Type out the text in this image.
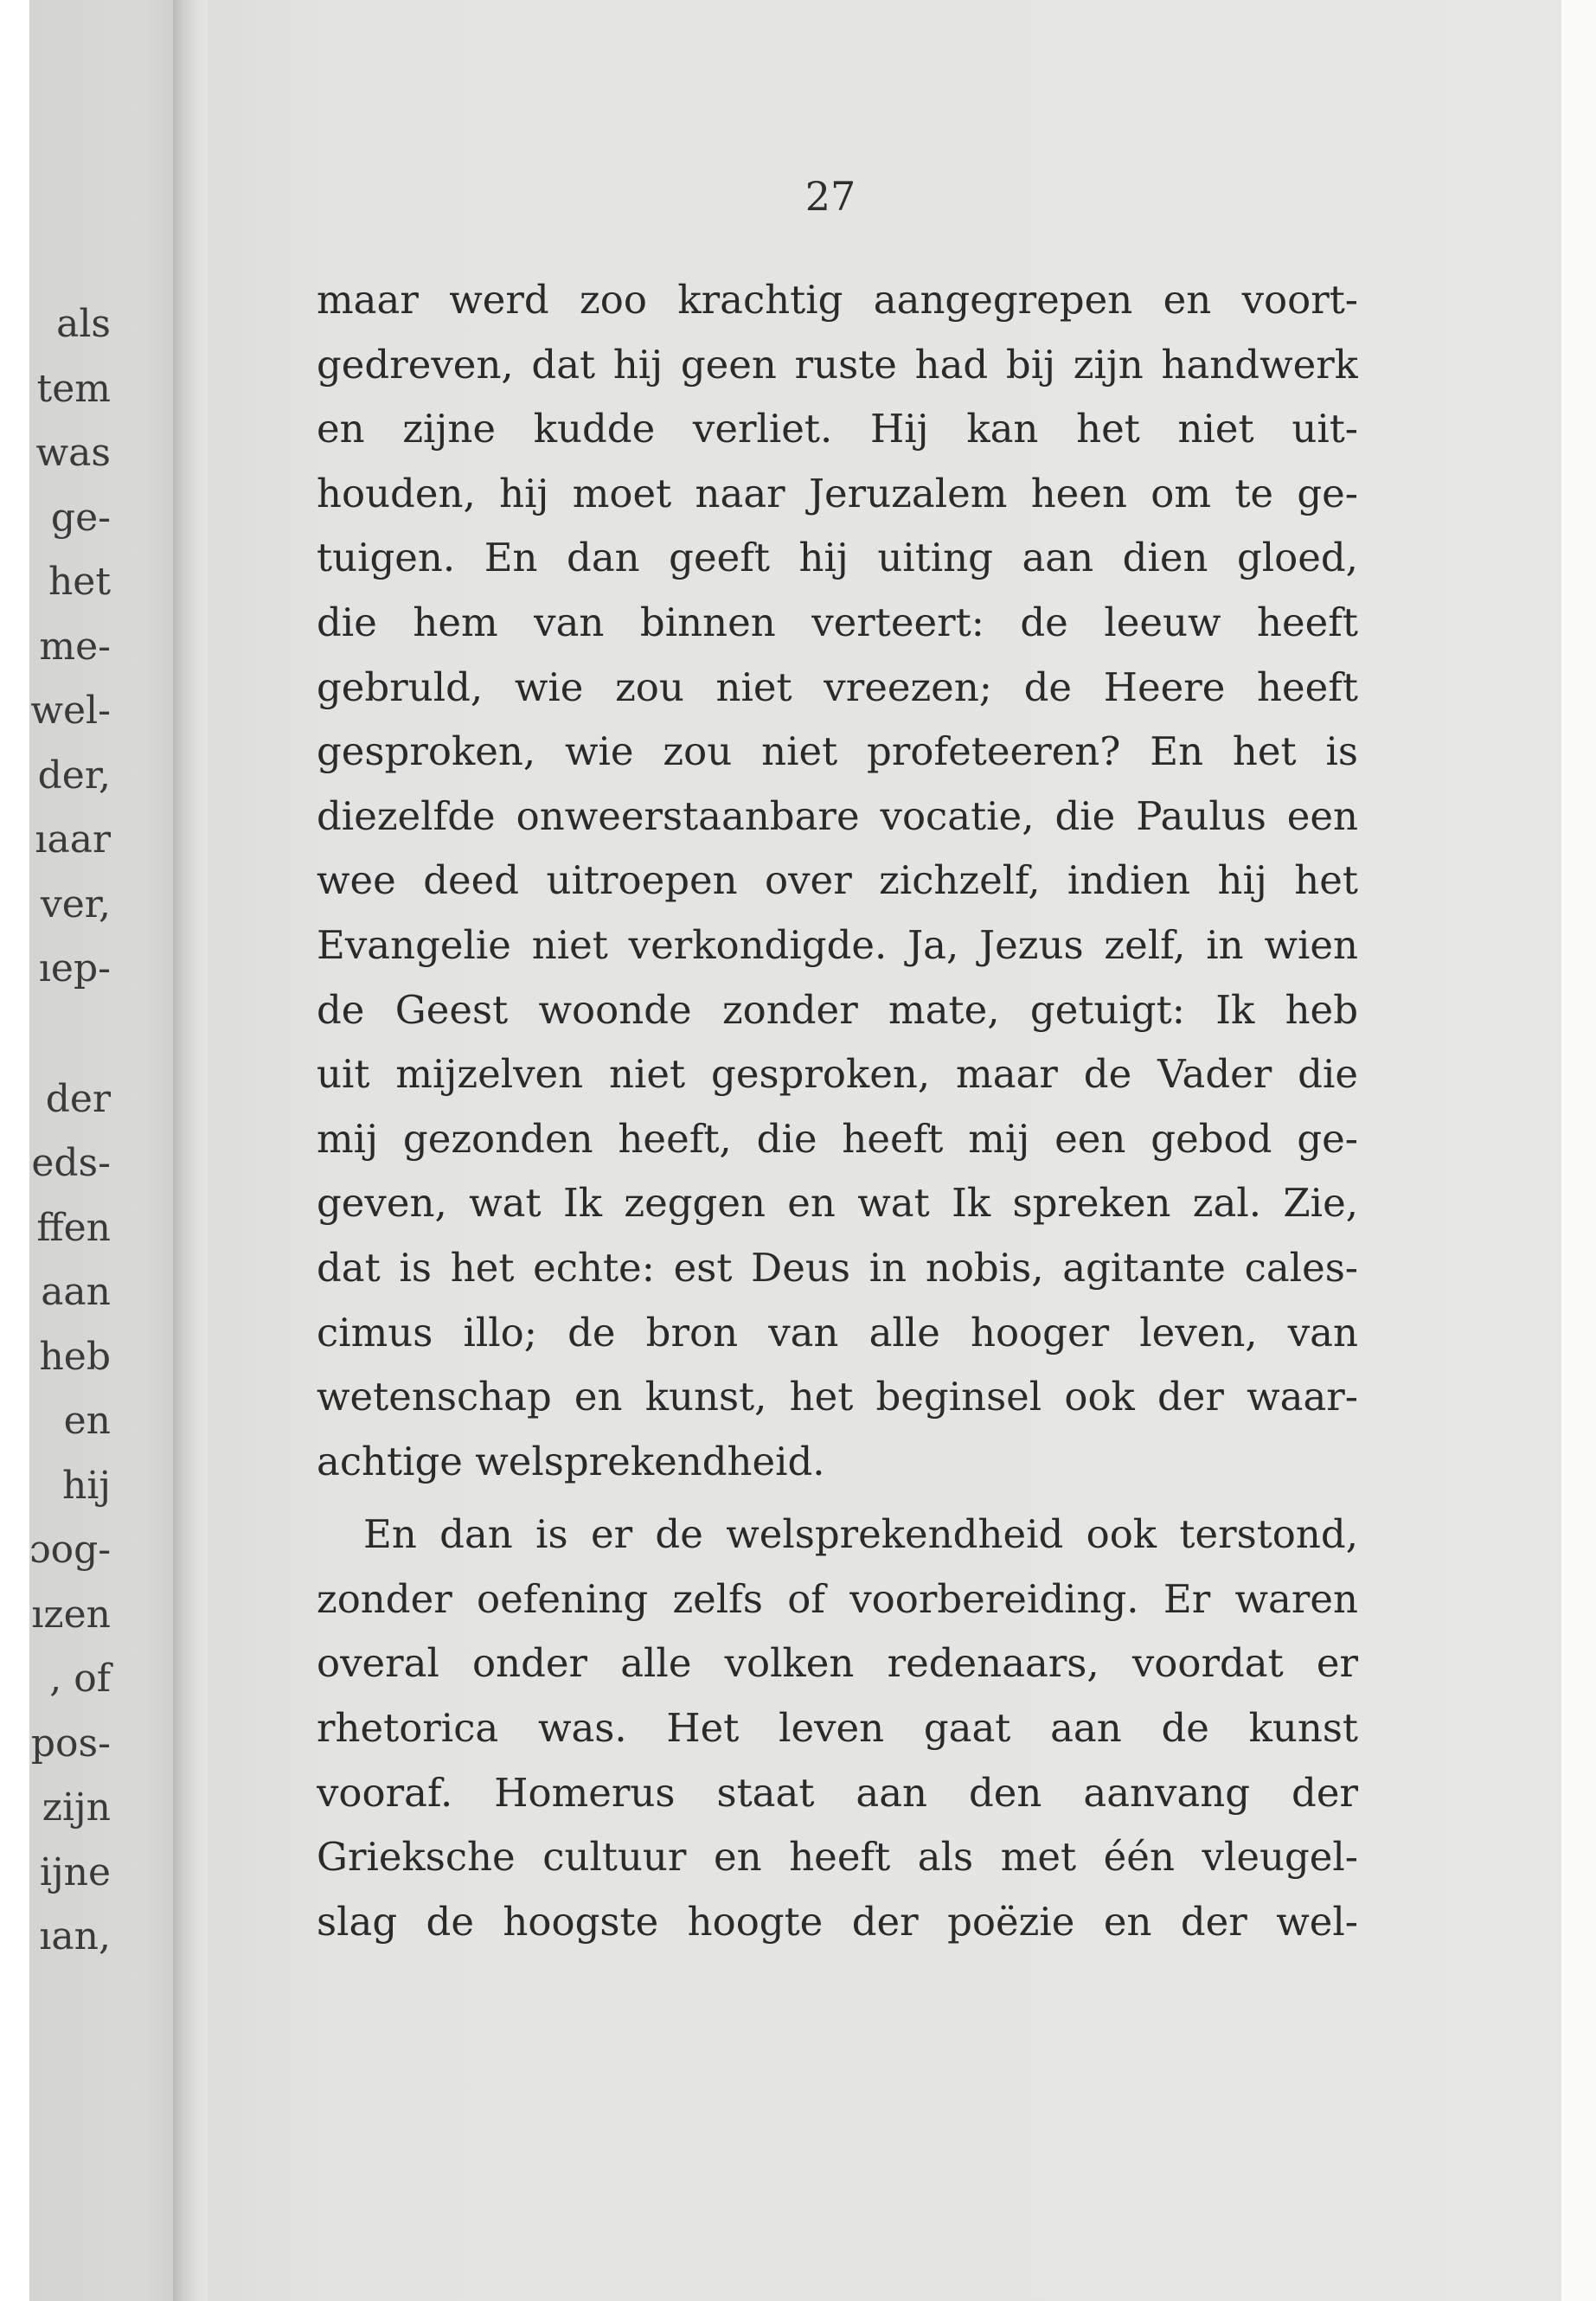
als
tem
was
ge-
het
me-
wel-
der,
ıaar
ver,
ıep-
der
eds-
ffen
aan
heb
en
hij
ɔog-
ızen
, of
pos-
zijn
ijne
ıan,
27
maar werd zoo krachtig aangegrepen en voort-
gedreven, dat hij geen ruste had bij zijn handwerk
en zijne kudde verliet. Hij kan het niet uit-
houden, hij moet naar Jeruzalem heen om te ge-
tuigen. En dan geeft hij uiting aan dien gloed,
die hem van binnen verteert: de leeuw heeft
gebruld, wie zou niet vreezen; de Heere heeft
gesproken, wie zou niet profeteeren? En het is
diezelfde onweerstaanbare vocatie, die Paulus een
wee deed uitroepen over zichzelf, indien hij het
Evangelie niet verkondigde. Ja, Jezus zelf, in wien
de Geest woonde zonder mate, getuigt: Ik heb
uit mijzelven niet gesproken, maar de Vader die
mij gezonden heeft, die heeft mij een gebod ge-
geven, wat Ik zeggen en wat Ik spreken zal. Zie,
dat is het echte: est Deus in nobis, agitante cales-
cimus illo; de bron van alle hooger leven, van
wetenschap en kunst, het beginsel ook der waar-
achtige welsprekendheid.
En dan is er de welsprekendheid ook terstond,
zonder oefening zelfs of voorbereiding. Er waren
overal onder alle volken redenaars, voordat er
rhetorica was. Het leven gaat aan de kunst
vooraf. Homerus staat aan den aanvang der
Grieksche cultuur en heeft als met één vleugel-
slag de hoogste hoogte der poëzie en der wel-
